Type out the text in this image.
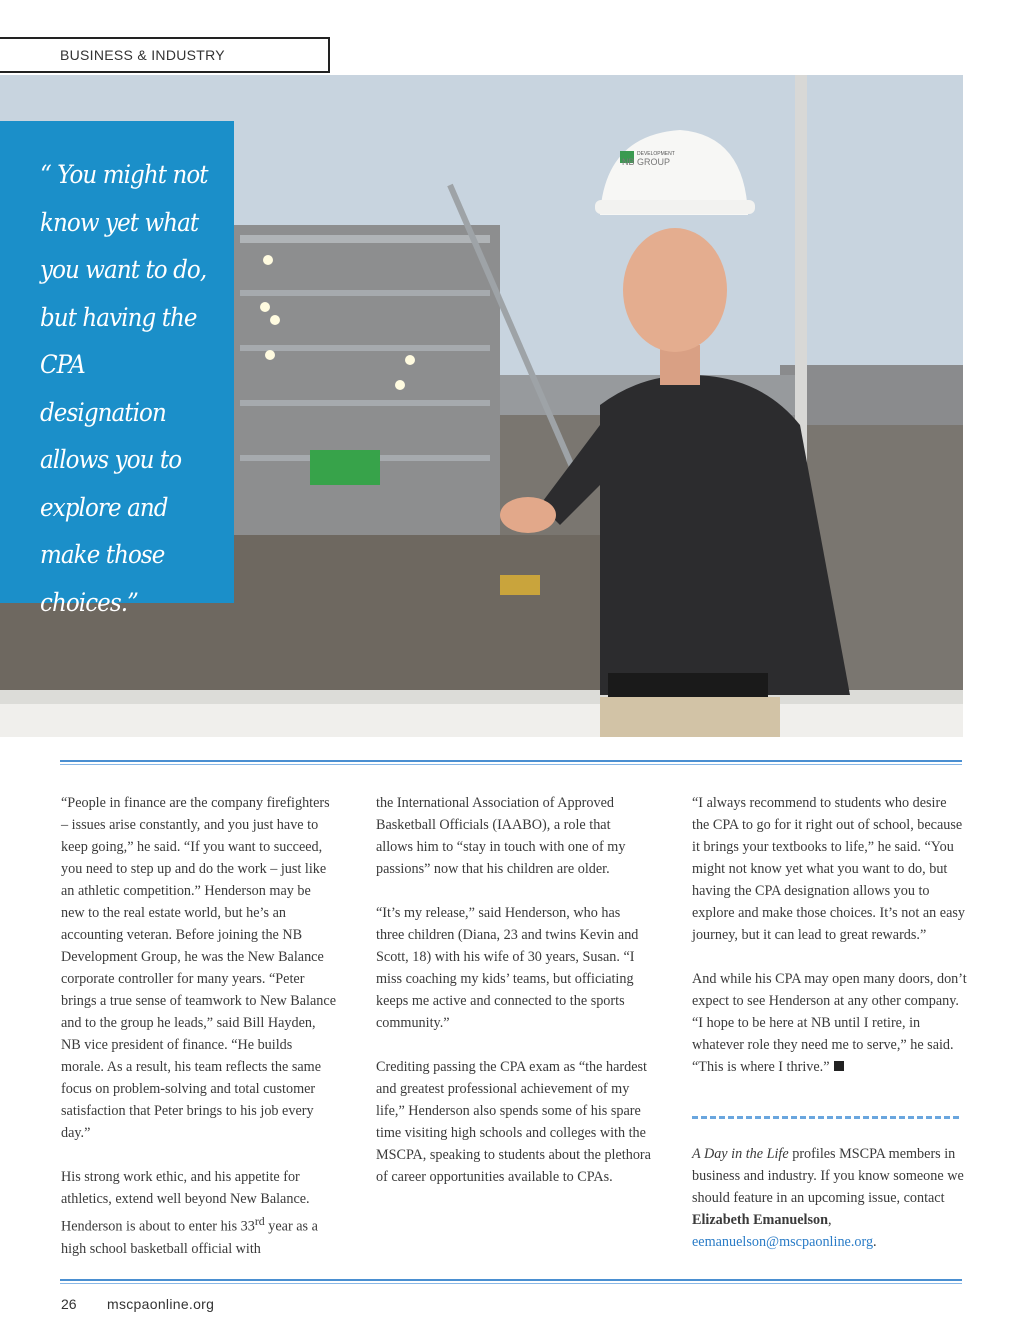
BUSINESS & INDUSTRY
DEVELOPMENT
NB GROUP

“ You might not
know yet what
you want to do,
but having the
CPA designation
allows you to
explore and
make those
choices.”

“People in finance are the company firefighters – issues arise constantly, and you just have to keep going,” he said. “If you want to succeed, you need to step up and do the work – just like an athletic competition.” Henderson may be new to the real estate world, but he’s an accounting veteran. Before joining the NB Development Group, he was the New Balance corporate controller for many years. “Peter brings a true sense of teamwork to New Balance and to the group he leads,” said Bill Hayden, NB vice president of finance. “He builds morale. As a result, his team reflects the same focus on problem-solving and total customer satisfaction that Peter brings to his job every day.”

His strong work ethic, and his appetite for athletics, extend well beyond New Balance. Henderson is about to enter his 33rd year as a high school basketball official with

the International Association of Approved Basketball Officials (IAABO), a role that allows him to “stay in touch with one of my passions” now that his children are older.

“It’s my release,” said Henderson, who has three children (Diana, 23 and twins Kevin and Scott, 18) with his wife of 30 years, Susan. “I miss coaching my kids’ teams, but officiating keeps me active and connected to the sports community.”

Crediting passing the CPA exam as “the hardest and greatest professional achievement of my life,” Henderson also spends some of his spare time visiting high schools and colleges with the MSCPA, speaking to students about the plethora of career opportunities available to CPAs.

“I always recommend to students who desire the CPA to go for it right out of school, because it brings your textbooks to life,” he said. “You might not know yet what you want to do, but having the CPA designation allows you to explore and make those choices. It’s not an easy journey, but it can lead to great rewards.”

And while his CPA may open many doors, don’t expect to see Henderson at any other company. “I hope to be here at NB until I retire, in whatever role they need me to serve,” he said. “This is where I thrive.”

A Day in the Life profiles MSCPA members in business and industry. If you know someone we should feature in an upcoming issue, contact Elizabeth Emanuelson,
eemanuelson@mscpaonline.org.

26 mscpaonline.org
